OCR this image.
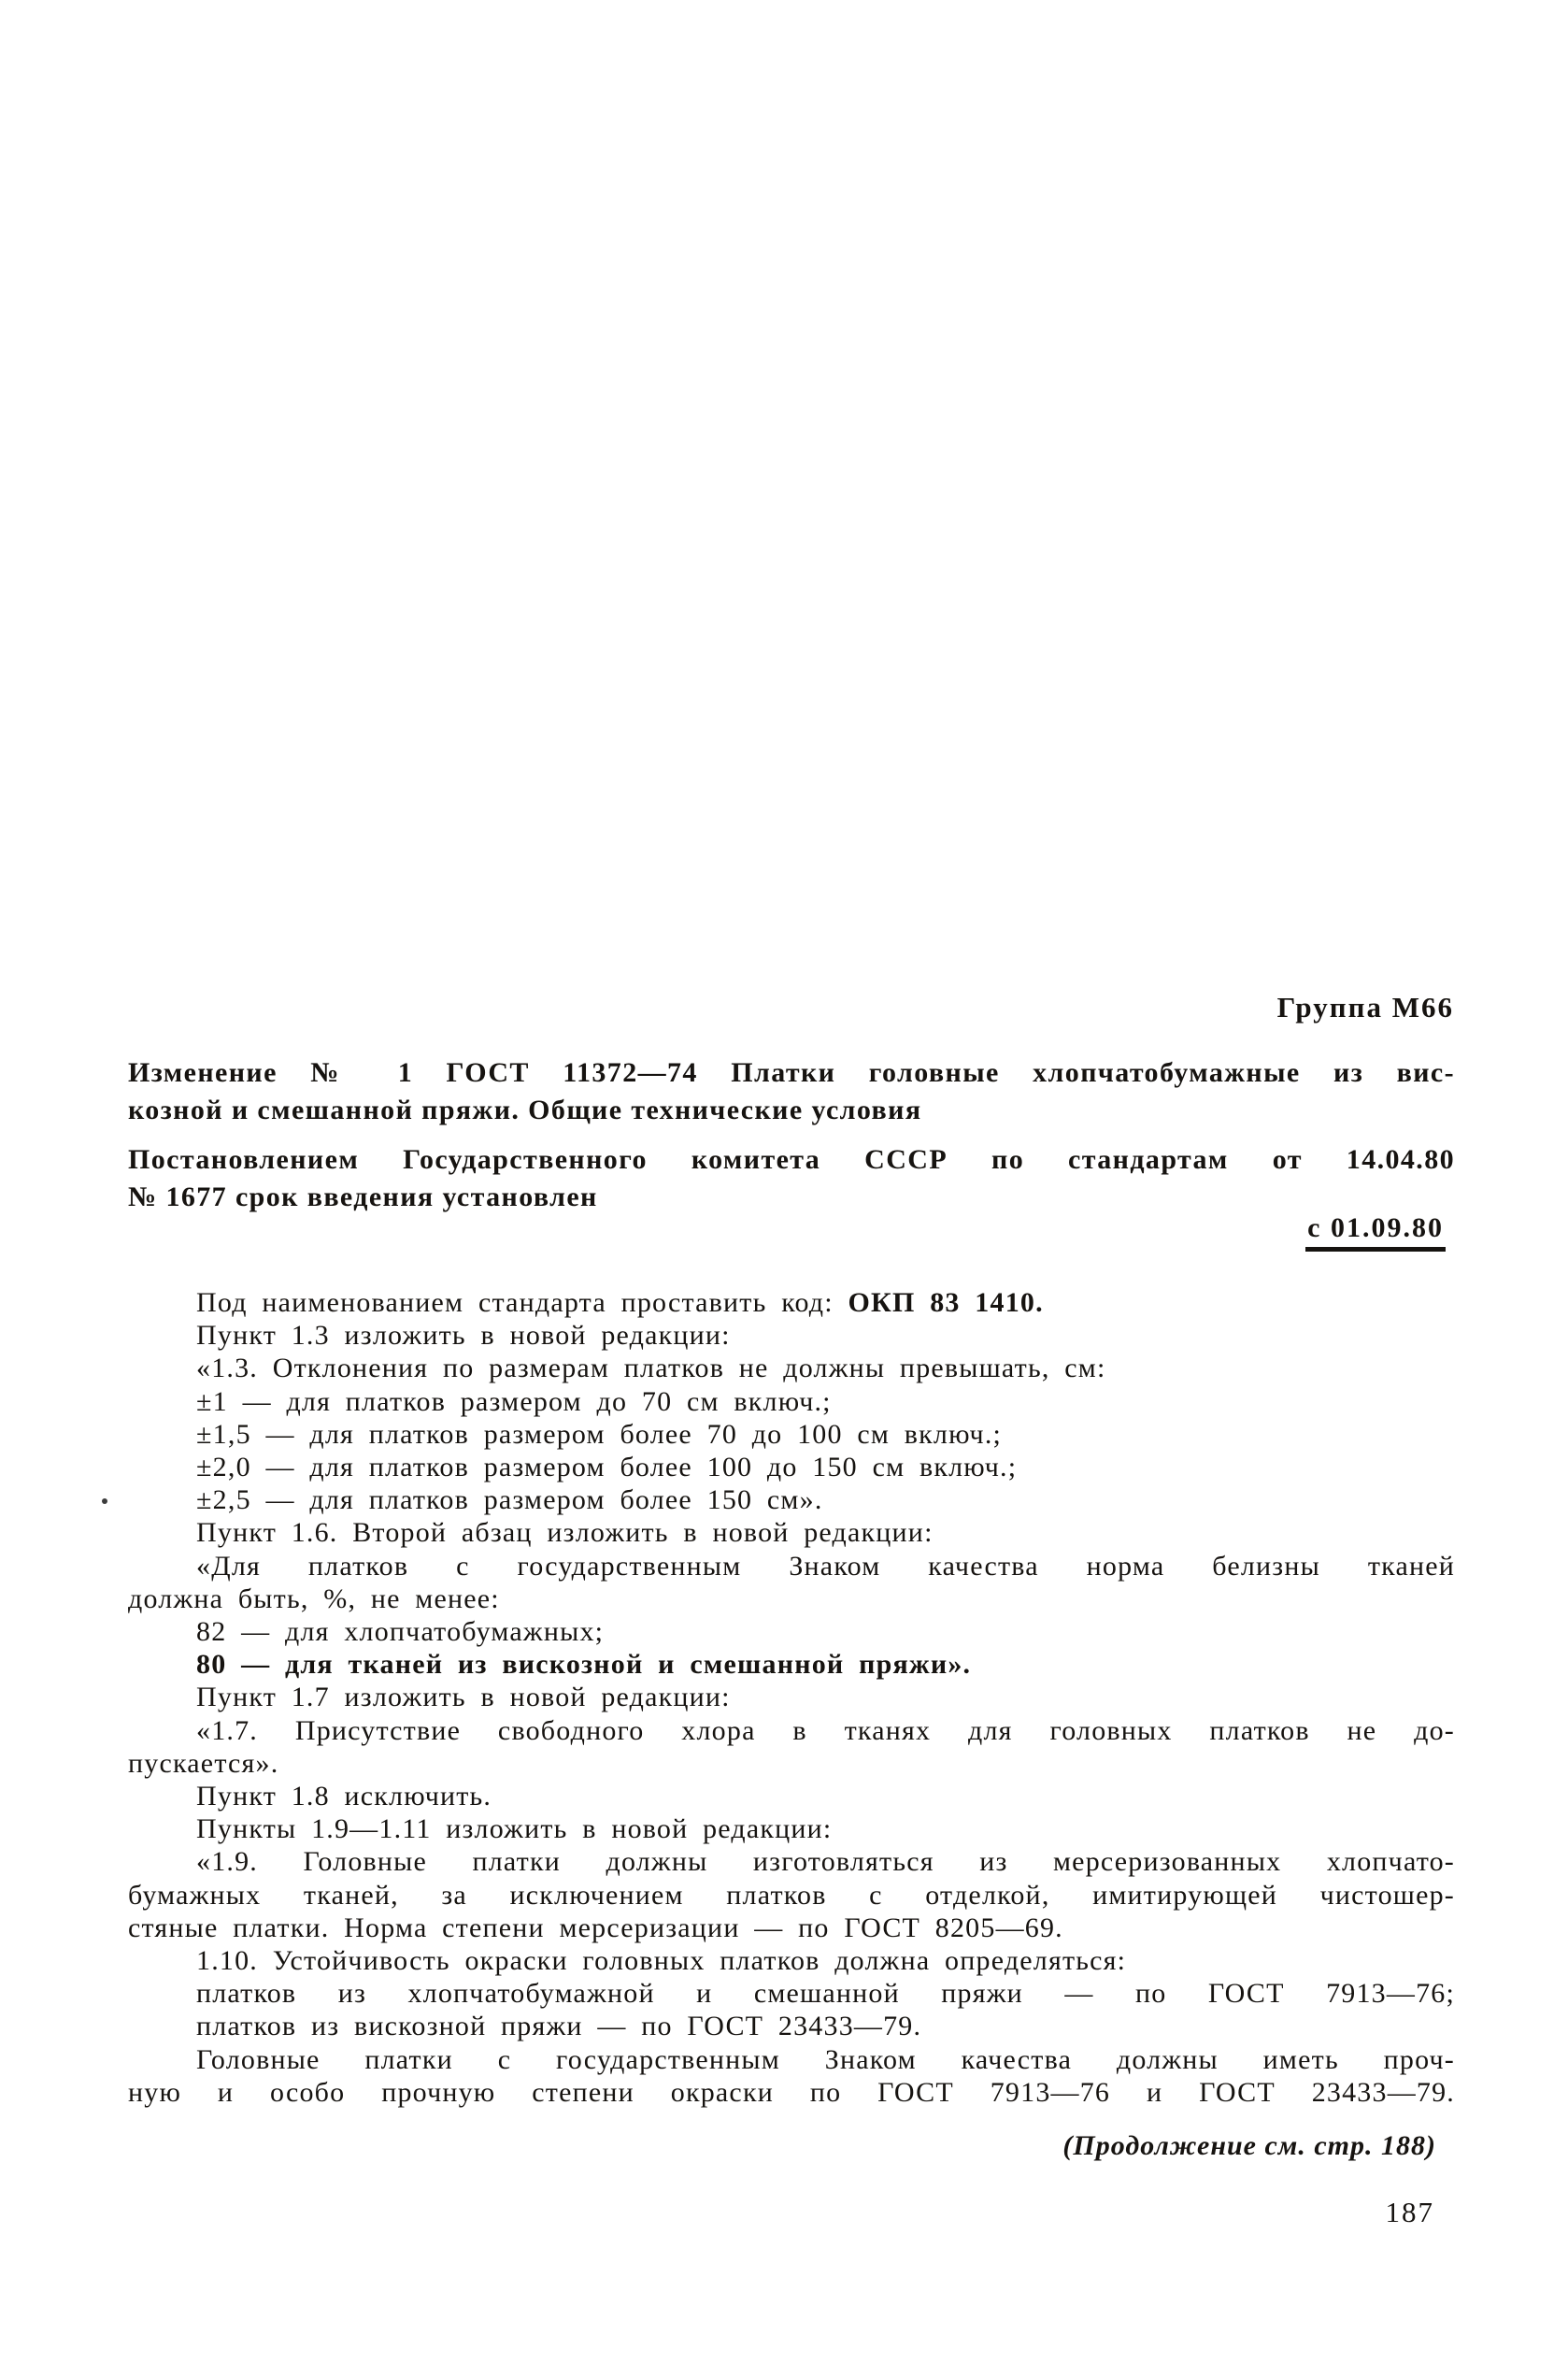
Группа М66
Изменение № 1 ГОСТ 11372—74 Платки головные хлопчатобумажные из вис-
козной и смешанной пряжи. Общие технические условия
Постановлением Государственного комитета СССР по стандартам от 14.04.80
№ 1677 срок введения установлен
с 01.09.80
Под наименованием стандарта проставить код: ОКП 83 1410.
Пункт 1.3 изложить в новой редакции:
«1.3. Отклонения по размерам платков не должны превышать, см:
±1 — для платков размером до 70 см включ.;
±1,5 — для платков размером более 70 до 100 см включ.;
±2,0 — для платков размером более 100 до 150 см включ.;
±2,5 — для платков размером более 150 см».
Пункт 1.6. Второй абзац изложить в новой редакции:
«Для платков с государственным Знаком качества норма белизны тканей
должна быть, %, не менее:
82 — для хлопчатобумажных;
80 — для тканей из вискозной и смешанной пряжи».
Пункт 1.7 изложить в новой редакции:
«1.7. Присутствие свободного хлора в тканях для головных платков не до-
пускается».
Пункт 1.8 исключить.
Пункты 1.9—1.11 изложить в новой редакции:
«1.9. Головные платки должны изготовляться из мерсеризованных хлопчато-
бумажных тканей, за исключением платков с отделкой, имитирующей чистошер-
стяные платки. Норма степени мерсеризации — по ГОСТ 8205—69.
1.10. Устойчивость окраски головных платков должна определяться:
платков из хлопчатобумажной и смешанной пряжи — по ГОСТ 7913—76;
платков из вискозной пряжи — по ГОСТ 23433—79.
Головные платки с государственным Знаком качества должны иметь проч-
ную и особо прочную степени окраски по ГОСТ 7913—76 и ГОСТ 23433—79.
(Продолжение см. стр. 188)
187
